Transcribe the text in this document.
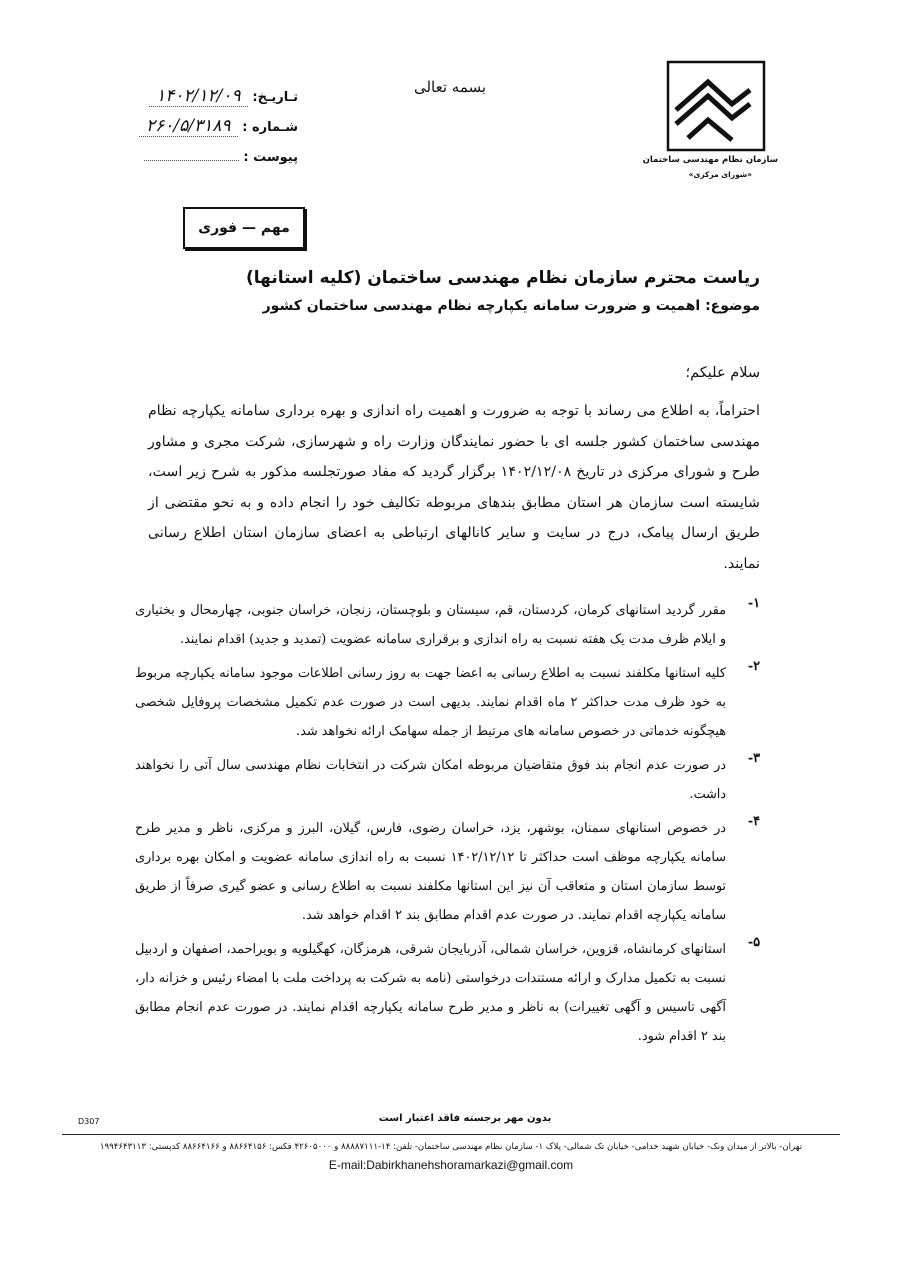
سازمان نظام مهندسی ساختمان
«شورای مرکزی»
بسمه تعالی
تـاریـخ: ۱۴۰۲/۱۲/۰۹
شـماره : ۲۶۰/۵/۳۱۸۹
پیوست :
مهم — فوری
ریاست محترم سازمان نظام مهندسی ساختمان (کلیه استانها)
موضوع: اهمیت و ضرورت سامانه یکپارچه نظام مهندسی ساختمان کشور
سلام علیکم؛
احتراماً، به اطلاع می رساند با توجه به ضرورت و اهمیت راه اندازی و بهره برداری سامانه یکپارچه نظام مهندسی ساختمان کشور جلسه ای با حضور نمایندگان وزارت راه و شهرسازی، شرکت مجری و مشاور طرح و شورای مرکزی در تاریخ ۱۴۰۲/۱۲/۰۸ برگزار گردید که مفاد صورتجلسه مذکور به شرح زیر است، شایسته است سازمان هر استان مطابق بندهای مربوطه تکالیف خود را انجام داده و به نحو مقتضی از طریق ارسال پیامک، درج در سایت و سایر کانالهای ارتباطی به اعضای سازمان استان اطلاع رسانی نمایند.
۱-
مقرر گردید استانهای کرمان، کردستان، قم، سیستان و بلوچستان، زنجان، خراسان جنوبی، چهارمحال و بختیاری و ایلام ظرف مدت یک هفته نسبت به راه اندازی و برقراری سامانه عضویت (تمدید و جدید) اقدام نمایند.
۲-
کلیه استانها مکلفند نسبت به اطلاع رسانی به اعضا جهت به روز رسانی اطلاعات موجود سامانه یکپارچه مربوط به خود ظرف مدت حداکثر ۲ ماه اقدام نمایند. بدیهی است در صورت عدم تکمیل مشخصات پروفایل شخصی هیچگونه خدماتی در خصوص سامانه های مرتبط از جمله سهامک ارائه نخواهد شد.
۳-
در صورت عدم انجام بند فوق متقاضیان مربوطه امکان شرکت در انتخابات نظام مهندسی سال آتی را نخواهند داشت.
۴-
در خصوص استانهای سمنان، بوشهر، یزد، خراسان رضوی، فارس، گیلان، البرز و مرکزی، ناظر و مدیر طرح سامانه یکپارچه موظف است حداکثر تا ۱۴۰۲/۱۲/۱۲ نسبت به راه اندازی سامانه عضویت و امکان بهره برداری توسط سازمان استان و متعاقب آن نیز این استانها مکلفند نسبت به اطلاع رسانی و عضو گیری صرفاً از طریق سامانه یکپارچه اقدام نمایند. در صورت عدم اقدام مطابق بند ۲ اقدام خواهد شد.
۵-
استانهای کرمانشاه، قزوین، خراسان شمالی، آذربایجان شرقی، هرمزگان، کهگیلویه و بویراحمد، اصفهان و اردبیل نسبت به تکمیل مدارک و ارائه مستندات درخواستی (نامه به شرکت به پرداخت ملت با امضاء رئیس و خزانه دار، آگهی تاسیس و آگهی تغییرات) به ناظر و مدیر طرح سامانه یکپارچه اقدام نمایند. در صورت عدم انجام مطابق بند ۲ اقدام شود.
D307	بدون مهر برجسته فاقد اعتبار است
تهران- بالاتر از میدان ونک- خیابان شهید خدامی- خیابان تک شمالی- پلاک ۱- سازمان نظام مهندسی ساختمان- تلفن: ۱۴-۸۸۸۸۷۱۱۱ و ۴۲۶۰۵۰۰۰ فکس: ۸۸۶۶۴۱۵۶ و ۸۸۶۶۴۱۶۶ کدپستی: ۱۹۹۴۶۴۳۱۱۳
E-mail:Dabirkhanehshoramarkazi@gmail.com
